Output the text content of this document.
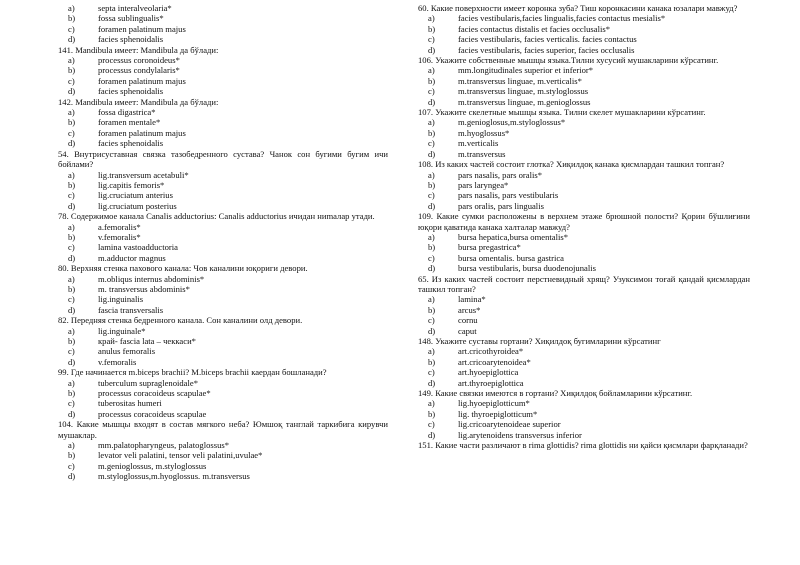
a)	septa interalveolaria*
b)	fossa sublingualis*
c)	foramen palatinum majus
d)	facies sphenoidalis

141. Mandibula имеет: Mandibula да бўлади:

a)	processus coronoideus*
b)	processus condylalaris*
c)	foramen palatinum majus
d)	facies sphenoidalis

142. Mandibula имеет: Mandibula да бўлади:

a)	fossa digastrica*
b)	foramen mentale*
c)	foramen palatinum majus
d)	facies sphenoidalis

54. Внутрисуставная связка тазобедренного сустава? Чанок сон бугими бугим ичи бойлами?

a)	lig.transversum acetabuli*
b)	lig.capitis femoris*
c)	lig.cruciatum anterius
d)	lig.cruciatum posterius

78. Содержимое канала Canalis adductorius: Canalis adductorius ичидан ниmалар утади.

a)	a.femoralis*
b)	v.femoralis*
c)	lamina vastoadductoria
d)	m.adductor magnus

80. Верхняя стенка пахового канала: Чов каналини юқориги девори.

a)	m.obliqus internus abdominis*
b)	m. transversus abdominis*
c)	lig.inguinalis
d)	fascia transversalis

82. Передняя стенка бедренного канала. Сон каналини олд девори.

a)	lig.inguinale*
b)	край- fascia lata – чеккаси*
c)	anulus femoralis
d)	v.femoralis

99. Где начинается m.biceps brachii? M.biceps brachii каердан бошланади?

a)	tuberculum supraglenoidale*
b)	processus coracoideus scapulae*
c)	tuberositas humeri
d)	processus coracoideus scapulae

104. Какие мышцы входят в состав мягкого неба? Юмшоқ танглай таркибига кирувчи мушаклар.

a)	mm.palatopharyngeus, palatoglossus*
b)	levator veli palatini, tensor veli palatini,uvulae*
c)	m.genioglossus, m.styloglossus
d)	m.styloglossus,m.hyoglossus. m.transversus

60. Какие поверхности имеет коронка зуба? Тиш коронкасини канака юзалари мавжуд?

a)	facies vestibularis,facies lingualis,facies contactus mesialis*
b)	facies contactus distalis et facies occlusalis*
c)	facies vestibularis, facies verticalis. facies contactus
d)	facies vestibularis, facies superior, facies occlusalis

106. Укажите собственные мышцы языка.Тилни хусусий мушакларини кўрсатинг.

a)	mm.longitudinales superior et inferior*
b)	m.transversus linguae, m.verticalis*
c)	m.transversus linguae, m.styloglossus
d)	m.transversus linguae, m.genioglossus

107. Укажите скелетные мышцы языка. Тилни скелет мушакларини кўрсатинг.

a)	m.genioglosus,m.styloglossus*
b)	m.hyoglossus*
c)	m.verticalis
d)	m.transversus

108. Из каких частей состоит глотка? Хиқилдоқ канака қисмлардан ташкил топган?

a)	pars nasalis, pars oralis*
b)	pars laryngea*
c)	pars nasalis, pars vestibularis
d)	pars oralis, pars lingualis

109. Какие сумки расположены в верхнем этаже брюшной полости? Қорин бўшлиғини юқори қаватида канака халталар мавжуд?

a)	bursa hepatica,bursa omentalis*
b)	bursa pregastrica*
c)	bursa omentalis. bursa gastrica
d)	bursa vestibularis, bursa duodenojunalis

65. Из каких частей состоит перстневидный хрящ? Узуксимон тоғай қандай қисмлардан ташкил топган?

a)	lamina*
b)	arcus*
c)	cornu
d)	caput

148. Укажите суставы гортани? Хиқилдоқ бугимларини кўрсатинг

a)	art.cricothyroidea*
b)	art.cricoarytenoidea*
c)	art.hyoepiglottica
d)	art.thyroepiglottica

149. Какие связки имеются в гортани? Хиқилдоқ бойламларини кўрсатинг.

a)	lig.hyoepiglotticum*
b)	lig. thyroepiglotticum*
c)	lig.cricoarytenoideae superior
d)	lig.arytenoidens transversus inferior

151. Какие части различают в rima glottidis? rima glottidis ни қайси қисмлари фарқланади?
